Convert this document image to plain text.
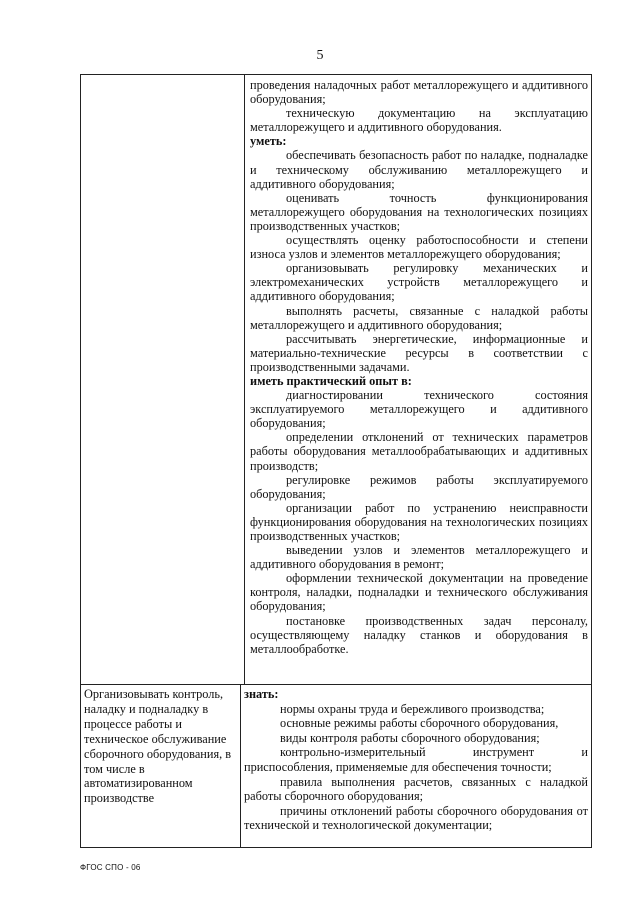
5

проведения наладочных работ металлорежущего и аддитивного оборудования;

техническую документацию на эксплуатацию металлорежущего и аддитивного оборудования.

уметь:

обеспечивать безопасность работ по наладке, подналадке и техническому обслуживанию металлорежущего и аддитивного оборудования;

оценивать точность функционирования металлорежущего оборудования на технологических позициях производственных участков;

осуществлять оценку работоспособности и степени износа узлов и элементов металлорежущего оборудования;

организовывать регулировку механических и электромеханических устройств металлорежущего и аддитивного оборудования;

выполнять расчеты, связанные с наладкой работы металлорежущего и аддитивного оборудования;

рассчитывать энергетические, информационные и материально-технические ресурсы в соответствии с производственными задачами.

иметь практический опыт в:

диагностировании технического состояния эксплуатируемого металлорежущего и аддитивного оборудования;

определении отклонений от технических параметров работы оборудования металлообрабатывающих и аддитивных производств;

регулировке режимов работы эксплуатируемого оборудования;

организации работ по устранению неисправности функционирования оборудования на технологических позициях производственных участков;

выведении узлов и элементов металлорежущего и аддитивного оборудования в ремонт;

оформлении технической документации на проведение контроля, наладки, подналадки и технического обслуживания оборудования;

постановке производственных задач персоналу, осуществляющему наладку станков и оборудования в металлообработке.

Организовывать контроль, наладку и подналадку в процессе работы и техническое обслуживание сборочного оборудования, в том числе в автоматизированном производстве

знать:

нормы охраны труда и бережливого производства;

основные режимы работы сборочного оборудования,

виды контроля работы сборочного оборудования;

контрольно-измерительный инструмент и приспособления, применяемые для обеспечения точности;

правила выполнения расчетов, связанных с наладкой работы сборочного оборудования;

причины отклонений работы сборочного оборудования от технической и технологической документации;

ФГОС СПО - 06
